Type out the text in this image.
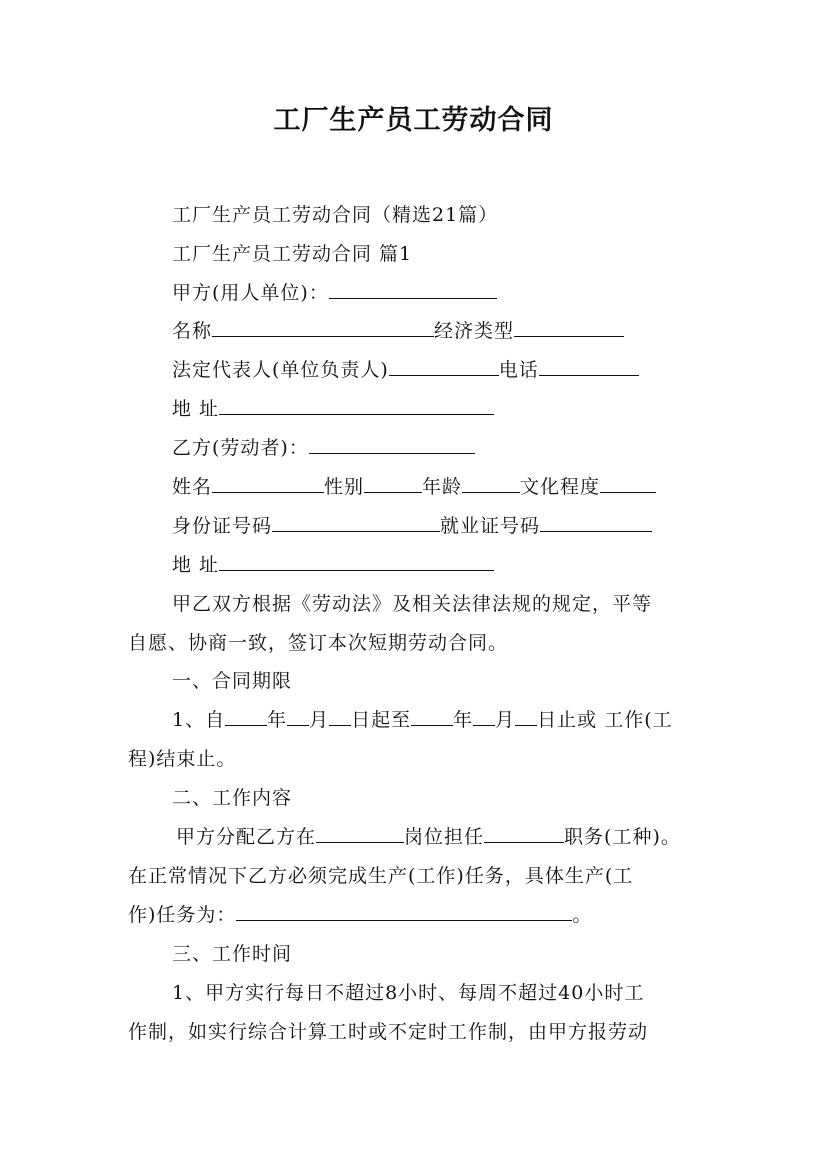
工厂生产员工劳动合同
工厂生产员工劳动合同（精选21篇）
工厂生产员工劳动合同 篇1
甲方(用人单位)：
名称	经济类型
法定代表人(单位负责人)	电话
地 址
乙方(劳动者)：
姓名	性别	年龄	文化程度
身份证号码	就业证号码
地 址
甲乙双方根据《劳动法》及相关法律法规的规定，平等
自愿、协商一致，签订本次短期劳动合同。
一、合同期限
1、自 年 月 日起至 年 月 日止或 工作(工
程)结束止。
二、工作内容
甲方分配乙方在	岗位担任	职务(工种)。
在正常情况下乙方必须完成生产(工作)任务，具体生产(工
作)任务为：	。
三、工作时间
1、甲方实行每日不超过8小时、每周不超过40小时工
作制，如实行综合计算工时或不定时工作制，由甲方报劳动
